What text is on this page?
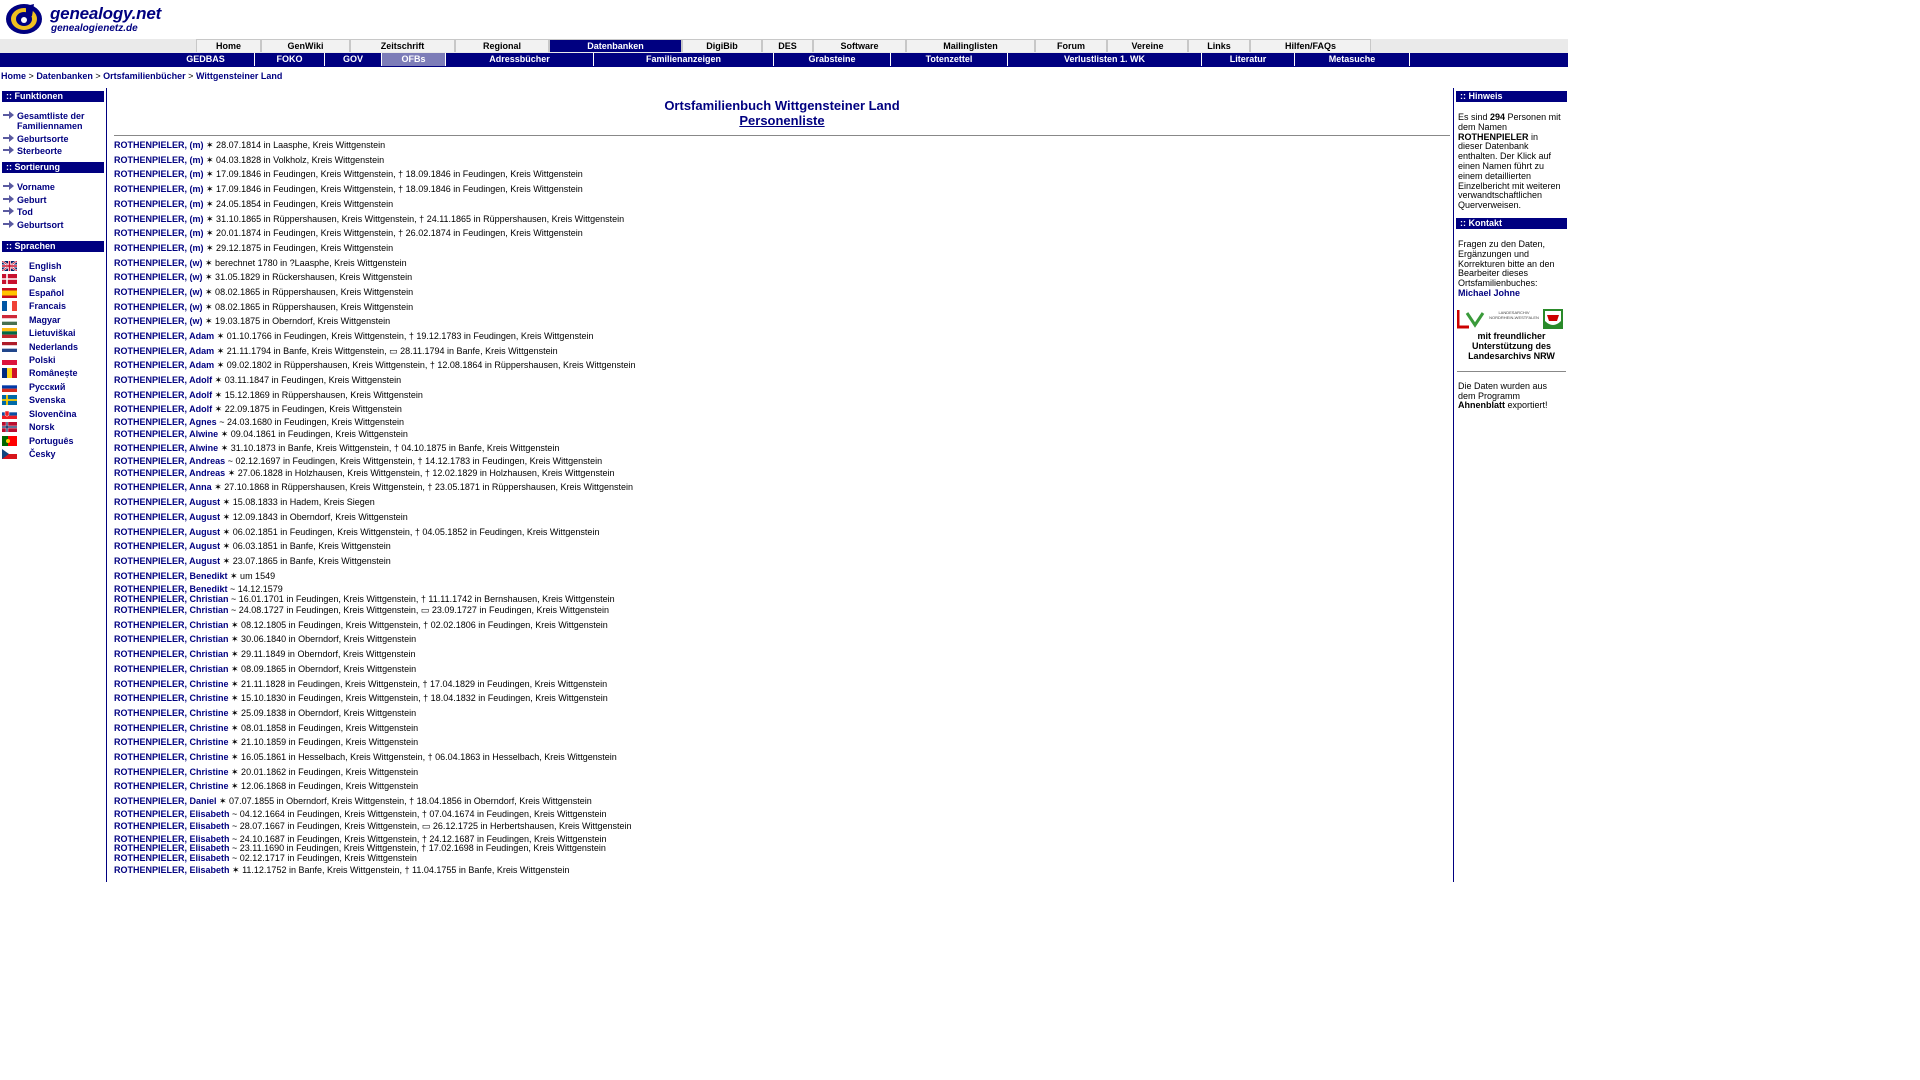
genealogy.net
genealogienetz.de
Home	GenWiki	Zeitschrift	Regional	Datenbanken	DigiBib	DES	Software	Mailinglisten	Forum	Vereine	Links	Hilfen/FAQs
GEDBAS	FOKO	GOV	OFBs	Adressbücher	Familienanzeigen	Grabsteine	Totenzettel	Verlustlisten 1. WK	Literatur	Metasuche
Home > Datenbanken > Ortsfamilienbücher > Wittgensteiner Land
:: Funktionen
Gesamtliste der Familiennamen
Geburtsorte
Sterbeorte
:: Sortierung
Vorname
Geburt
Tod
Geburtsort
:: Sprachen
English
Dansk
Español
Francais
Magyar
Lietuviškai
Nederlands
Polski
Românește
Русский
Svenska
Slovenčina
Norsk
Português
Česky
Ortsfamilienbuch Wittgensteiner Land
Personenliste
ROTHENPIELER, (m) ✶ 28.07.1814 in Laasphe, Kreis Wittgenstein
ROTHENPIELER, (m) ✶ 04.03.1828 in Volkholz, Kreis Wittgenstein
ROTHENPIELER, (m) ✶ 17.09.1846 in Feudingen, Kreis Wittgenstein, † 18.09.1846 in Feudingen, Kreis Wittgenstein
ROTHENPIELER, (m) ✶ 17.09.1846 in Feudingen, Kreis Wittgenstein, † 18.09.1846 in Feudingen, Kreis Wittgenstein
ROTHENPIELER, (m) ✶ 24.05.1854 in Feudingen, Kreis Wittgenstein
ROTHENPIELER, (m) ✶ 31.10.1865 in Rüppershausen, Kreis Wittgenstein, † 24.11.1865 in Rüppershausen, Kreis Wittgenstein
ROTHENPIELER, (m) ✶ 20.01.1874 in Feudingen, Kreis Wittgenstein, † 26.02.1874 in Feudingen, Kreis Wittgenstein
ROTHENPIELER, (m) ✶ 29.12.1875 in Feudingen, Kreis Wittgenstein
ROTHENPIELER, (w) ✶ berechnet 1780 in ?Laasphe, Kreis Wittgenstein
ROTHENPIELER, (w) ✶ 31.05.1829 in Rückershausen, Kreis Wittgenstein
ROTHENPIELER, (w) ✶ 08.02.1865 in Rüppershausen, Kreis Wittgenstein
ROTHENPIELER, (w) ✶ 08.02.1865 in Rüppershausen, Kreis Wittgenstein
ROTHENPIELER, (w) ✶ 19.03.1875 in Oberndorf, Kreis Wittgenstein
ROTHENPIELER, Adam ✶ 01.10.1766 in Feudingen, Kreis Wittgenstein, † 19.12.1783 in Feudingen, Kreis Wittgenstein
ROTHENPIELER, Adam ✶ 21.11.1794 in Banfe, Kreis Wittgenstein, ▭ 28.11.1794 in Banfe, Kreis Wittgenstein
ROTHENPIELER, Adam ✶ 09.02.1802 in Rüppershausen, Kreis Wittgenstein, † 12.08.1864 in Rüppershausen, Kreis Wittgenstein
ROTHENPIELER, Adolf ✶ 03.11.1847 in Feudingen, Kreis Wittgenstein
ROTHENPIELER, Adolf ✶ 15.12.1869 in Rüppershausen, Kreis Wittgenstein
ROTHENPIELER, Adolf ✶ 22.09.1875 in Feudingen, Kreis Wittgenstein
ROTHENPIELER, Agnes ~ 24.03.1680 in Feudingen, Kreis Wittgenstein
ROTHENPIELER, Alwine ✶ 09.04.1861 in Feudingen, Kreis Wittgenstein
ROTHENPIELER, Alwine ✶ 31.10.1873 in Banfe, Kreis Wittgenstein, † 04.10.1875 in Banfe, Kreis Wittgenstein
ROTHENPIELER, Andreas ~ 02.12.1697 in Feudingen, Kreis Wittgenstein, † 14.12.1783 in Feudingen, Kreis Wittgenstein
ROTHENPIELER, Andreas ✶ 27.06.1828 in Holzhausen, Kreis Wittgenstein, † 12.02.1829 in Holzhausen, Kreis Wittgenstein
ROTHENPIELER, Anna ✶ 27.10.1868 in Rüppershausen, Kreis Wittgenstein, † 23.05.1871 in Rüppershausen, Kreis Wittgenstein
ROTHENPIELER, August ✶ 15.08.1833 in Hadem, Kreis Siegen
ROTHENPIELER, August ✶ 12.09.1843 in Oberndorf, Kreis Wittgenstein
ROTHENPIELER, August ✶ 06.02.1851 in Feudingen, Kreis Wittgenstein, † 04.05.1852 in Feudingen, Kreis Wittgenstein
ROTHENPIELER, August ✶ 06.03.1851 in Banfe, Kreis Wittgenstein
ROTHENPIELER, August ✶ 23.07.1865 in Banfe, Kreis Wittgenstein
ROTHENPIELER, Benedikt ✶ um 1549
ROTHENPIELER, Benedikt ~ 14.12.1579
ROTHENPIELER, Christian ~ 16.01.1701 in Feudingen, Kreis Wittgenstein, † 11.11.1742 in Bernshausen, Kreis Wittgenstein
ROTHENPIELER, Christian ~ 24.08.1727 in Feudingen, Kreis Wittgenstein, ▭ 23.09.1727 in Feudingen, Kreis Wittgenstein
ROTHENPIELER, Christian ✶ 08.12.1805 in Feudingen, Kreis Wittgenstein, † 02.02.1806 in Feudingen, Kreis Wittgenstein
ROTHENPIELER, Christian ✶ 30.06.1840 in Oberndorf, Kreis Wittgenstein
ROTHENPIELER, Christian ✶ 29.11.1849 in Oberndorf, Kreis Wittgenstein
ROTHENPIELER, Christian ✶ 08.09.1865 in Oberndorf, Kreis Wittgenstein
ROTHENPIELER, Christine ✶ 21.11.1828 in Feudingen, Kreis Wittgenstein, † 17.04.1829 in Feudingen, Kreis Wittgenstein
ROTHENPIELER, Christine ✶ 15.10.1830 in Feudingen, Kreis Wittgenstein, † 18.04.1832 in Feudingen, Kreis Wittgenstein
ROTHENPIELER, Christine ✶ 25.09.1838 in Oberndorf, Kreis Wittgenstein
ROTHENPIELER, Christine ✶ 08.01.1858 in Feudingen, Kreis Wittgenstein
ROTHENPIELER, Christine ✶ 21.10.1859 in Feudingen, Kreis Wittgenstein
ROTHENPIELER, Christine ✶ 16.05.1861 in Hesselbach, Kreis Wittgenstein, † 06.04.1863 in Hesselbach, Kreis Wittgenstein
ROTHENPIELER, Christine ✶ 20.01.1862 in Feudingen, Kreis Wittgenstein
ROTHENPIELER, Christine ✶ 12.06.1868 in Feudingen, Kreis Wittgenstein
ROTHENPIELER, Daniel ✶ 07.07.1855 in Oberndorf, Kreis Wittgenstein, † 18.04.1856 in Oberndorf, Kreis Wittgenstein
ROTHENPIELER, Elisabeth ~ 04.12.1664 in Feudingen, Kreis Wittgenstein, † 07.04.1674 in Feudingen, Kreis Wittgenstein
ROTHENPIELER, Elisabeth ~ 28.07.1667 in Feudingen, Kreis Wittgenstein, ▭ 26.12.1725 in Herbertshausen, Kreis Wittgenstein
ROTHENPIELER, Elisabeth ~ 24.10.1687 in Feudingen, Kreis Wittgenstein, † 24.12.1687 in Feudingen, Kreis Wittgenstein
ROTHENPIELER, Elisabeth ~ 23.11.1690 in Feudingen, Kreis Wittgenstein, † 17.02.1698 in Feudingen, Kreis Wittgenstein
ROTHENPIELER, Elisabeth ~ 02.12.1717 in Feudingen, Kreis Wittgenstein
ROTHENPIELER, Elisabeth ✶ 11.12.1752 in Banfe, Kreis Wittgenstein, † 11.04.1755 in Banfe, Kreis Wittgenstein
:: Hinweis
Es sind 294 Personen mit dem Namen ROTHENPIELER in dieser Datenbank enthalten. Der Klick auf einen Namen führt zu einem detaillierten Einzelbericht mit weiteren verwandtschaftlichen Querverweisen.
:: Kontakt
Fragen zu den Daten, Ergänzungen und Korrekturen bitte an den Bearbeiter dieses Ortsfamilienbuches:
Michael Johne
LANDESARCHIV NORDRHEIN-WESTFALEN
mit freundlicher Unterstützung des Landesarchivs NRW
Die Daten wurden aus dem Programm Ahnenblatt exportiert!
